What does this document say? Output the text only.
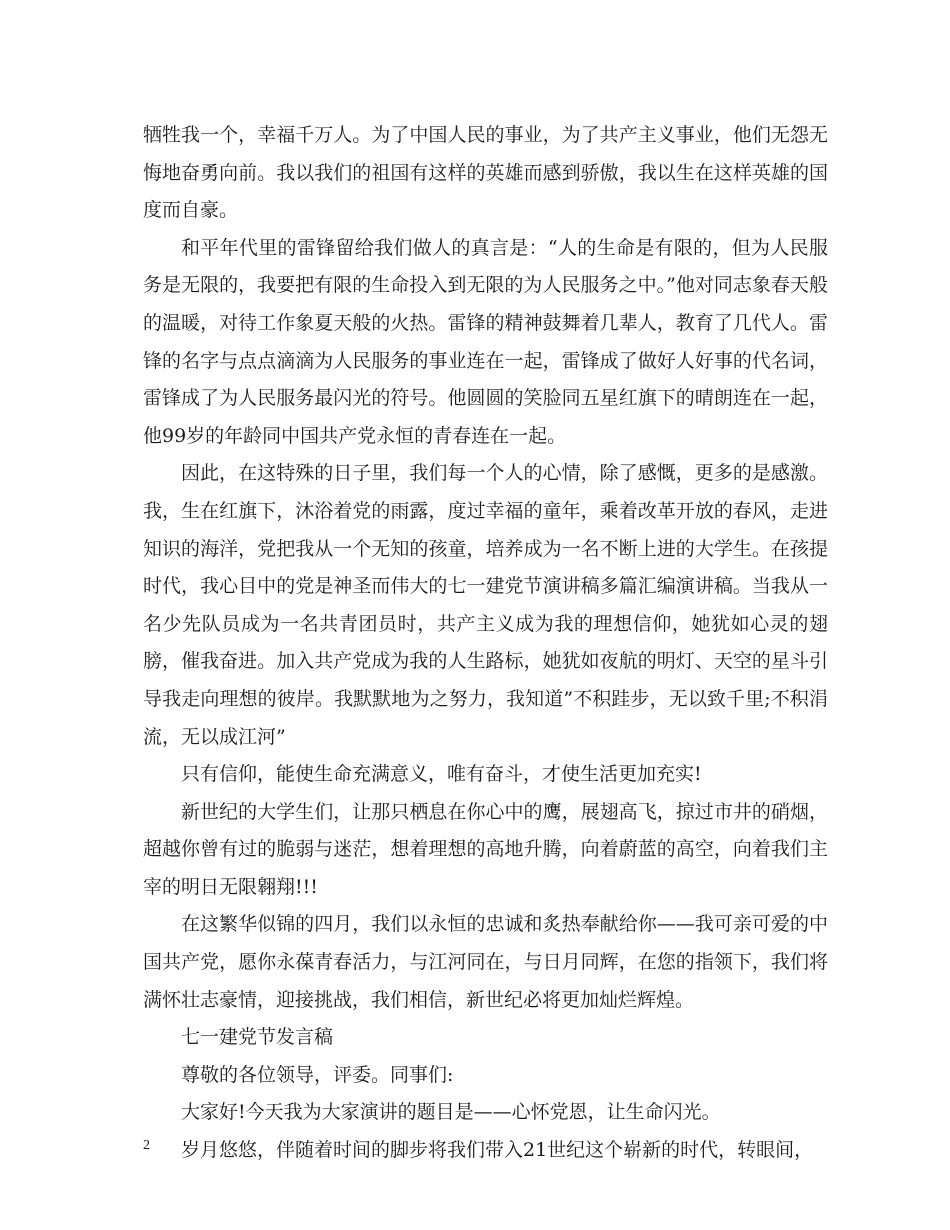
牺牲我一个，幸福千万人。为了中国人民的事业，为了共产主义事业，他们无怨无悔地奋勇向前。我以我们的祖国有这样的英雄而感到骄傲，我以生在这样英雄的国度而自豪。

和平年代里的雷锋留给我们做人的真言是：“人的生命是有限的，但为人民服务是无限的，我要把有限的生命投入到无限的为人民服务之中。”他对同志象春天般的温暖，对待工作象夏天般的火热。雷锋的精神鼓舞着几辈人，教育了几代人。雷锋的名字与点点滴滴为人民服务的事业连在一起，雷锋成了做好人好事的代名词，雷锋成了为人民服务最闪光的符号。他圆圆的笑脸同五星红旗下的晴朗连在一起，他99岁的年龄同中国共产党永恒的青春连在一起。

因此，在这特殊的日子里，我们每一个人的心情，除了感慨，更多的是感激。我，生在红旗下，沐浴着党的雨露，度过幸福的童年，乘着改革开放的春风，走进知识的海洋，党把我从一个无知的孩童，培养成为一名不断上进的大学生。在孩提时代，我心目中的党是神圣而伟大的七一建党节演讲稿多篇汇编演讲稿。当我从一名少先队员成为一名共青团员时，共产主义成为我的理想信仰，她犹如心灵的翅膀，催我奋进。加入共产党成为我的人生路标，她犹如夜航的明灯、天空的星斗引导我走向理想的彼岸。我默默地为之努力，我知道”不积跬步，无以致千里;不积涓流，无以成江河”

只有信仰，能使生命充满意义，唯有奋斗，才使生活更加充实!

新世纪的大学生们，让那只栖息在你心中的鹰，展翅高飞，掠过市井的硝烟，超越你曾有过的脆弱与迷茫，想着理想的高地升腾，向着蔚蓝的高空，向着我们主宰的明日无限翱翔!!!

在这繁华似锦的四月，我们以永恒的忠诚和炙热奉献给你——我可亲可爱的中国共产党，愿你永葆青春活力，与江河同在，与日月同辉，在您的指领下，我们将满怀壮志豪情，迎接挑战，我们相信，新世纪必将更加灿烂辉煌。

七一建党节发言稿

尊敬的各位领导，评委。同事们:

大家好!今天我为大家演讲的题目是——心怀党恩，让生命闪光。

岁月悠悠，伴随着时间的脚步将我们带入21世纪这个崭新的时代，转眼间，

2
